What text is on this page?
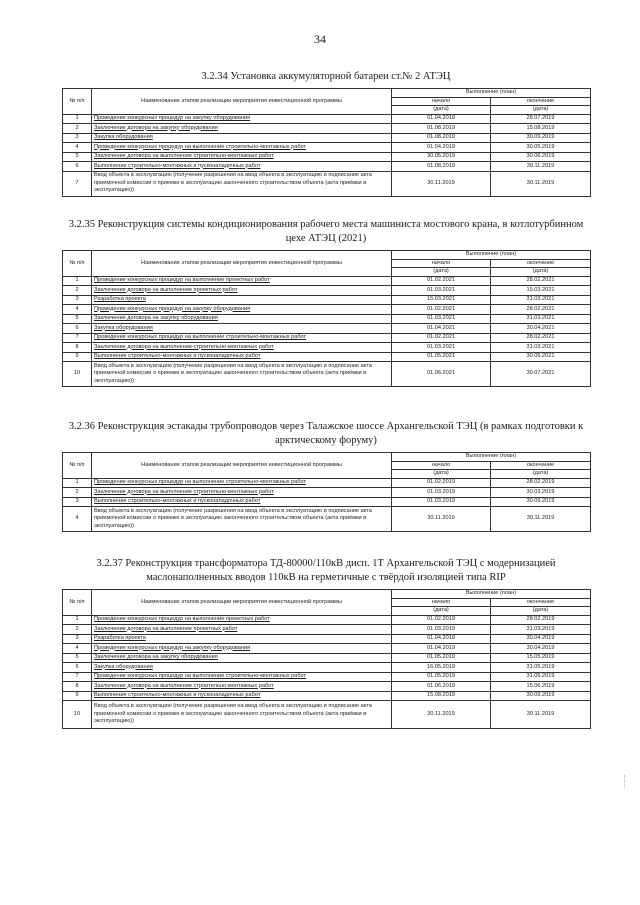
34
3.2.34 Установка аккумуляторной батареи ст.№ 2 АТЭЦ
№ п/п	Наименование этапов реализации мероприятия инвестиционной программы	Выполнение (план)	
		начало	окончание
		(дата)	(дата)
1	Проведение конкурсных процедур на закупку оборудования	01.04.2019	28.07.2019
2	Заключение договора на закупку оборудования	01.08.2019	15.08.2019
3	Закупка оборудования	01.08.2019	30.09.2019
4	Проведение конкурсных процедур на выполнение строительно-монтажных работ	01.04.2019	30.05.2019
5	Заключение договора на выполнение строительно-монтажных работ	30.05.2019	30.06.2019
6	Выполнение строительно-монтажных и пусконаладочных работ	01.08.2019	30.11.2019
7	Ввод объекта в эксплуатацию (получение разрешения на ввод объекта в эксплуатацию и подписание акта приемочной комиссии о приемке в эксплуатацию законченного строительством объекта (акта приёмки в эксплуатацию))	30.11.2019	30.11.2019
3.2.35 Реконструкция системы кондиционирования рабочего места машиниста мостового крана, в котлотурбинном цехе АТЭЦ (2021)
№ п/п	Наименование этапов реализации мероприятия инвестиционной программы	Выполнение (план)	
		начало	окончание
		(дата)	(дата)
1	Проведение конкурсных процедур на выполнение проектных работ	01.02.2021	28.02.2021
2	Заключение договора на выполнение проектных работ	01.03.2021	15.03.2021
3	Разработка проекта	15.03.2021	31.03.2021
4	Проведение конкурсных процедур на закупку оборудования	01.02.2021	28.02.2021
5	Заключение договора на закупку оборудования	01.03.2021	31.03.2021
6	Закупка оборудования	01.04.2021	30.04.2021
7	Проведение конкурсных процедур на выполнение строительно-монтажных работ	01.02.2021	28.02.2021
8	Заключение договора на выполнение строительно-монтажных работ	01.03.2021	31.03.2021
9	Выполнение строительно-монтажных и пусконаладочных работ	01.05.2021	30.05.2021
10	Ввод объекта в эксплуатацию (получение разрешения на ввод объекта в эксплуатацию и подписание акта приемочной комиссии о приемке в эксплуатацию законченного строительством объекта (акта приёмки в эксплуатацию))	01.06.2021	30.07.2021
3.2.36 Реконструкция эстакады трубопроводов через Талажское шоссе Архангельской ТЭЦ (в рамках подготовки к арктическому форуму)
№ п/п	Наименование этапов реализации мероприятия инвестиционной программы	Выполнение (план)	
		начало	окончание
		(дата)	(дата)
1	Проведение конкурсных процедур на выполнение строительно-монтажных работ	01.02.2019	28.02.2019
2	Заключение договора на выполнение строительно-монтажных работ	01.03.2019	30.03.2019
3	Выполнение строительно-монтажных и пусконаладочных работ	01.03.2019	30.09.2019
4	Ввод объекта в эксплуатацию (получение разрешения на ввод объекта в эксплуатацию и подписание акта приемочной комиссии о приемке в эксплуатацию законченного строительством объекта (акта приёмки в эксплуатацию))	30.11.2019	30.11.2019
3.2.37 Реконструкция трансформатора ТД-80000/110кВ дисп. 1Т Архангельской ТЭЦ с модернизацией маслонаполненных вводов 110кВ на герметичные с твёрдой изоляцией типа RIP
№ п/п	Наименование этапов реализации мероприятия инвестиционной программы	Выполнение (план)	
		начало	окончание
		(дата)	(дата)
1	Проведение конкурсных процедур на выполнение проектных работ	01.02.2019	28.02.2019
2	Заключение договора на выполнение проектных работ	01.03.2019	31.03.2019
3	Разработка проекта	01.04.2019	30.04.2019
4	Проведение конкурсных процедур на закупку оборудования	01.04.2019	30.04.2019
5	Заключение договора на закупку оборудования	01.05.2019	15.05.2019
6	Закупка оборудования	16.05.2019	31.05.2019
7	Проведение конкурсных процедур на выполнение строительно-монтажных работ	01.05.2019	31.05.2019
8	Заключение договора на выполнение строительно-монтажных работ	01.06.2019	15.06.2019
9	Выполнение строительно-монтажных и пусконаладочных работ	15.08.2019	30.09.2019
10	Ввод объекта в эксплуатацию (получение разрешения на ввод объекта в эксплуатацию и подписание акта приемочной комиссии о приемке в эксплуатацию законченного строительством объекта (акта приёмки в эксплуатацию))	30.11.2019	30.11.2019
